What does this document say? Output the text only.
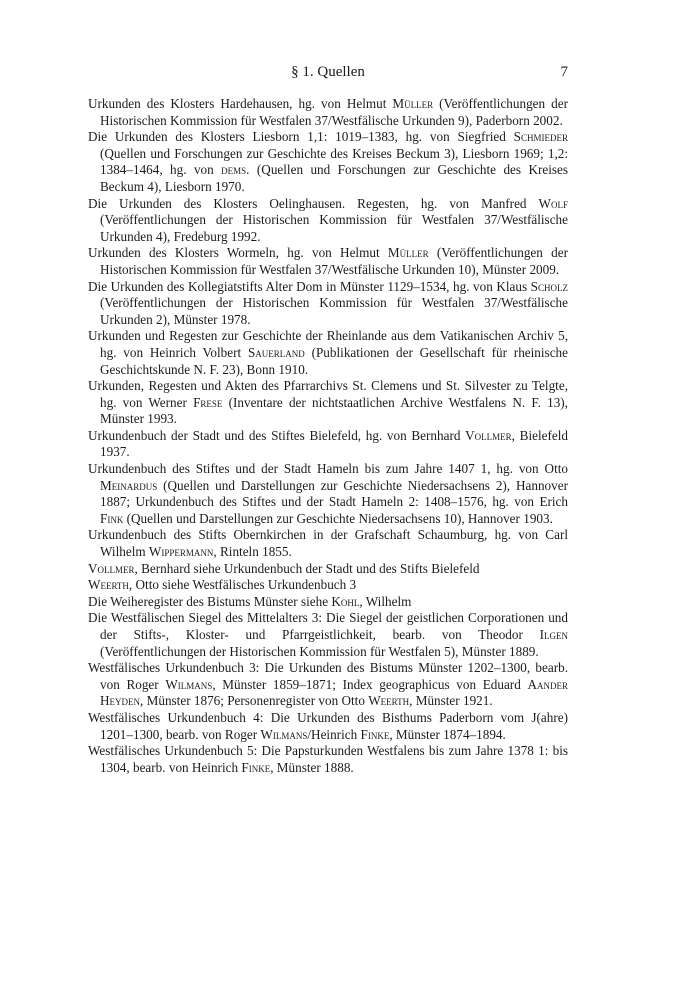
§ 1. Quellen	7

Urkunden des Klosters Hardehausen, hg. von Helmut Müller (Veröffentlichungen der Historischen Kommission für Westfalen 37/Westfälische Urkunden 9), Paderborn 2002.

Die Urkunden des Klosters Liesborn 1,1: 1019–1383, hg. von Siegfried Schmieder (Quellen und Forschungen zur Geschichte des Kreises Beckum 3), Liesborn 1969; 1,2: 1384–1464, hg. von dems. (Quellen und Forschungen zur Geschichte des Kreises Beckum 4), Liesborn 1970.

Die Urkunden des Klosters Oelinghausen. Regesten, hg. von Manfred Wolf (Veröffentlichungen der Historischen Kommission für Westfalen 37/Westfälische Urkunden 4), Fredeburg 1992.

Urkunden des Klosters Wormeln, hg. von Helmut Müller (Veröffentlichungen der Historischen Kommission für Westfalen 37/Westfälische Urkunden 10), Münster 2009.

Die Urkunden des Kollegiatstifts Alter Dom in Münster 1129–1534, hg. von Klaus Scholz (Veröffentlichungen der Historischen Kommission für Westfalen 37/Westfälische Urkunden 2), Münster 1978.

Urkunden und Regesten zur Geschichte der Rheinlande aus dem Vatikanischen Archiv 5, hg. von Heinrich Volbert Sauerland (Publikationen der Gesellschaft für rheinische Geschichtskunde N. F. 23), Bonn 1910.

Urkunden, Regesten und Akten des Pfarrarchivs St. Clemens und St. Silvester zu Telgte, hg. von Werner Frese (Inventare der nichtstaatlichen Archive Westfalens N. F. 13), Münster 1993.

Urkundenbuch der Stadt und des Stiftes Bielefeld, hg. von Bernhard Vollmer, Bielefeld 1937.

Urkundenbuch des Stiftes und der Stadt Hameln bis zum Jahre 1407 1, hg. von Otto Meinardus (Quellen und Darstellungen zur Geschichte Niedersachsens 2), Hannover 1887; Urkundenbuch des Stiftes und der Stadt Hameln 2: 1408–1576, hg. von Erich Fink (Quellen und Darstellungen zur Geschichte Niedersachsens 10), Hannover 1903.

Urkundenbuch des Stifts Obernkirchen in der Grafschaft Schaumburg, hg. von Carl Wilhelm Wippermann, Rinteln 1855.

Vollmer, Bernhard siehe Urkundenbuch der Stadt und des Stifts Bielefeld

Weerth, Otto siehe Westfälisches Urkundenbuch 3

Die Weiheregister des Bistums Münster siehe Kohl, Wilhelm

Die Westfälischen Siegel des Mittelalters 3: Die Siegel der geistlichen Corporationen und der Stifts-, Kloster- und Pfarrgeistlichkeit, bearb. von Theodor Ilgen (Veröffentlichungen der Historischen Kommission für Westfalen 5), Münster 1889.

Westfälisches Urkundenbuch 3: Die Urkunden des Bistums Münster 1202–1300, bearb. von Roger Wilmans, Münster 1859–1871; Index geographicus von Eduard Aander Heyden, Münster 1876; Personenregister von Otto Weerth, Münster 1921.

Westfälisches Urkundenbuch 4: Die Urkunden des Bisthums Paderborn vom J(ahre) 1201–1300, bearb. von Roger Wilmans/Heinrich Finke, Münster 1874–1894.

Westfälisches Urkundenbuch 5: Die Papsturkunden Westfalens bis zum Jahre 1378 1: bis 1304, bearb. von Heinrich Finke, Münster 1888.
